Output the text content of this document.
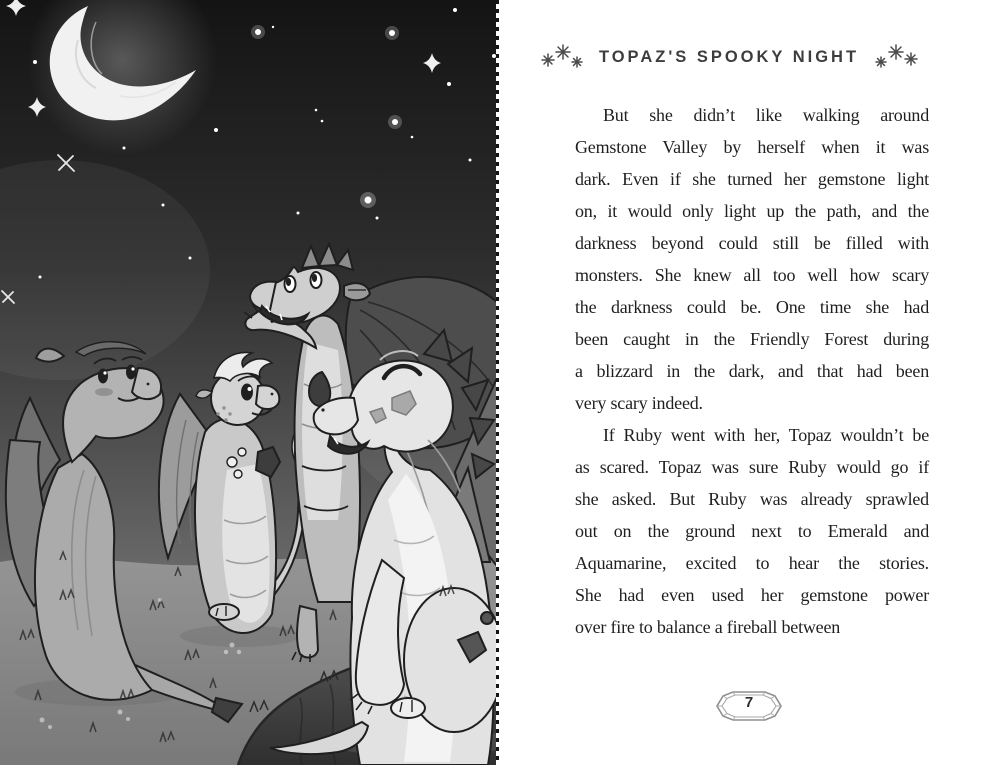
TOPAZ'S SPOOKY NIGHT
But she didn’t like walking around
Gemstone Valley by herself when it was
dark. Even if she turned her gemstone light
on, it would only light up the path, and the
darkness beyond could still be filled with
monsters. She knew all too well how scary
the darkness could be. One time she had
been caught in the Friendly Forest during
a blizzard in the dark, and that had been
very scary indeed.
If Ruby went with her, Topaz wouldn’t be
as scared. Topaz was sure Ruby would go if
she asked. But Ruby was already sprawled
out on the ground next to Emerald and
Aquamarine, excited to hear the stories.
She had even used her gemstone power
over fire to balance a fireball between
7
